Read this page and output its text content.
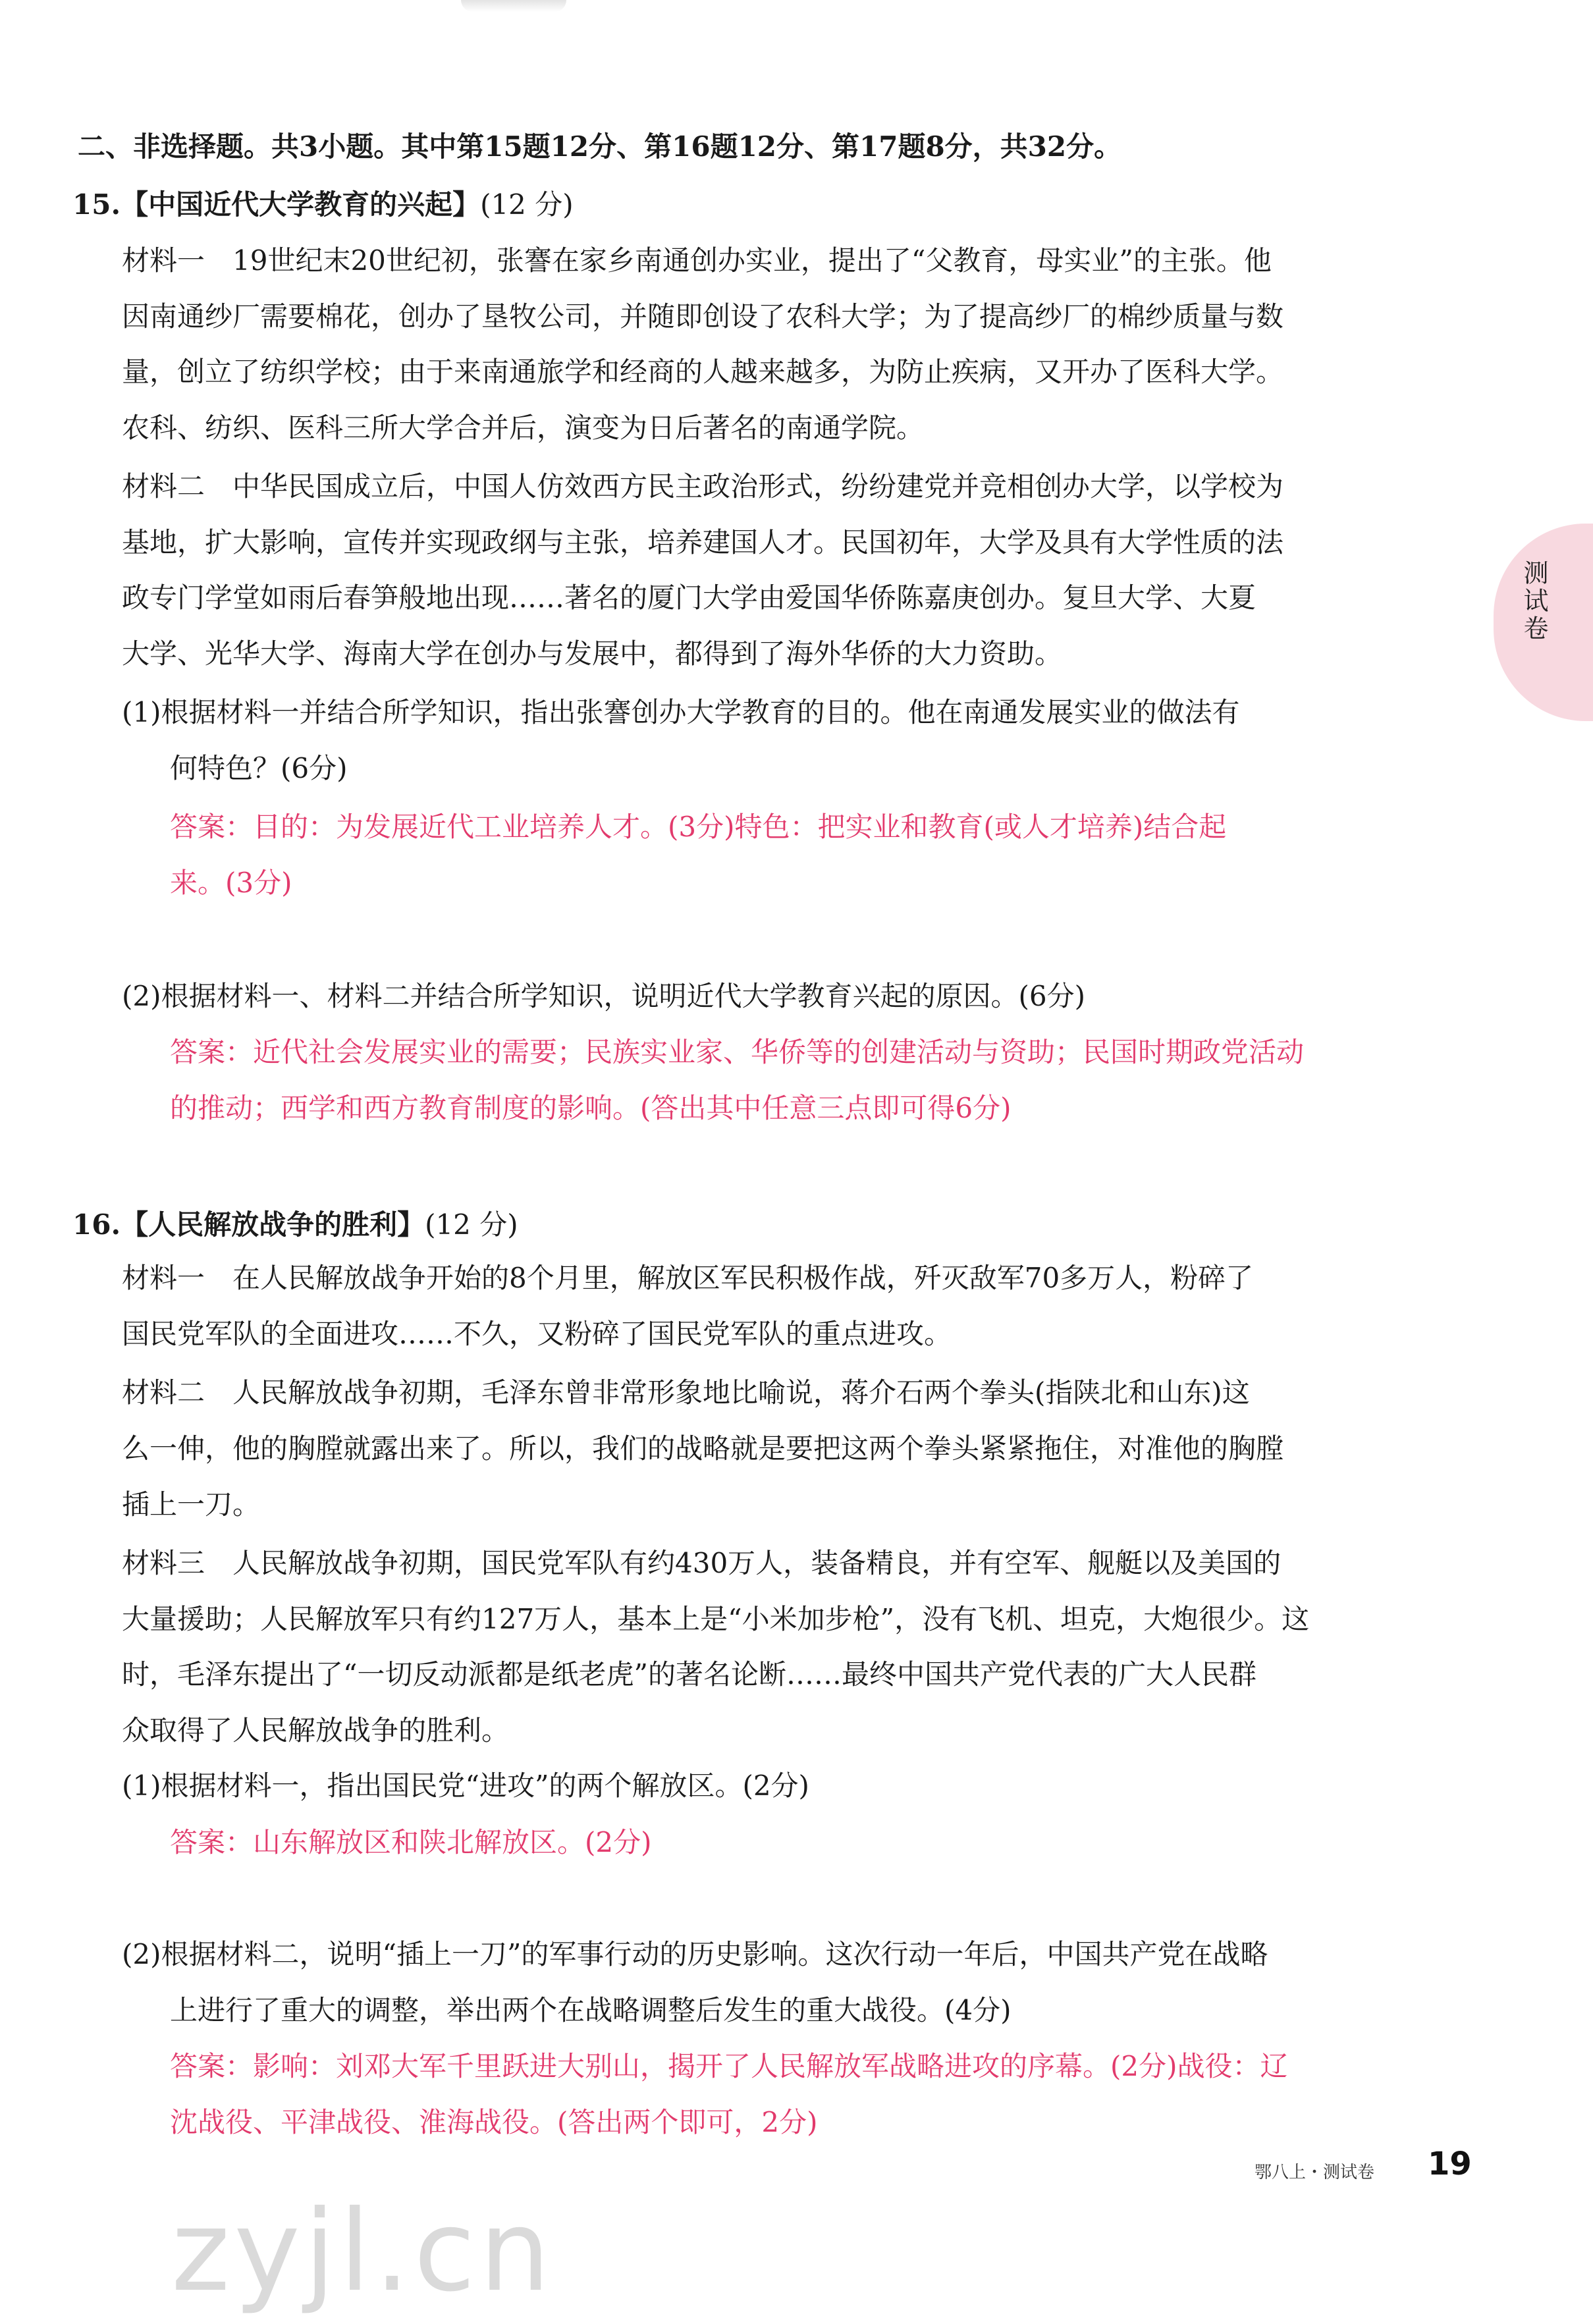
二、非选择题。共3小题。其中第15题12分、第16题12分、第17题8分，共32分。
15.【中国近代大学教育的兴起】(12 分)
材料一　19世纪末20世纪初，张謇在家乡南通创办实业，提出了“父教育，母实业”的主张。他
因南通纱厂需要棉花，创办了垦牧公司，并随即创设了农科大学；为了提高纱厂的棉纱质量与数
量，创立了纺织学校；由于来南通旅学和经商的人越来越多，为防止疾病，又开办了医科大学。
农科、纺织、医科三所大学合并后，演变为日后著名的南通学院。
材料二　中华民国成立后，中国人仿效西方民主政治形式，纷纷建党并竞相创办大学，以学校为
基地，扩大影响，宣传并实现政纲与主张，培养建国人才。民国初年，大学及具有大学性质的法
政专门学堂如雨后春笋般地出现……著名的厦门大学由爱国华侨陈嘉庚创办。复旦大学、大夏
大学、光华大学、海南大学在创办与发展中，都得到了海外华侨的大力资助。
(1)根据材料一并结合所学知识，指出张謇创办大学教育的目的。他在南通发展实业的做法有
何特色？(6分)
答案：目的：为发展近代工业培养人才。(3分)特色：把实业和教育(或人才培养)结合起
来。(3分)
(2)根据材料一、材料二并结合所学知识，说明近代大学教育兴起的原因。(6分)
答案：近代社会发展实业的需要；民族实业家、华侨等的创建活动与资助；民国时期政党活动
的推动；西学和西方教育制度的影响。(答出其中任意三点即可得6分)
16.【人民解放战争的胜利】(12 分)
材料一　在人民解放战争开始的8个月里，解放区军民积极作战，歼灭敌军70多万人，粉碎了
国民党军队的全面进攻……不久，又粉碎了国民党军队的重点进攻。
材料二　人民解放战争初期，毛泽东曾非常形象地比喻说，蒋介石两个拳头(指陕北和山东)这
么一伸，他的胸膛就露出来了。所以，我们的战略就是要把这两个拳头紧紧拖住，对准他的胸膛
插上一刀。
材料三　人民解放战争初期，国民党军队有约430万人，装备精良，并有空军、舰艇以及美国的
大量援助；人民解放军只有约127万人，基本上是“小米加步枪”，没有飞机、坦克，大炮很少。这
时，毛泽东提出了“一切反动派都是纸老虎”的著名论断……最终中国共产党代表的广大人民群
众取得了人民解放战争的胜利。
(1)根据材料一，指出国民党“进攻”的两个解放区。(2分)
答案：山东解放区和陕北解放区。(2分)
(2)根据材料二，说明“插上一刀”的军事行动的历史影响。这次行动一年后，中国共产党在战略
上进行了重大的调整，举出两个在战略调整后发生的重大战役。(4分)
答案：影响：刘邓大军千里跃进大别山，揭开了人民解放军战略进攻的序幕。(2分)战役：辽
沈战役、平津战役、淮海战役。(答出两个即可，2分)
测试卷
鄂八上・测试卷 19
zyjl.cn
